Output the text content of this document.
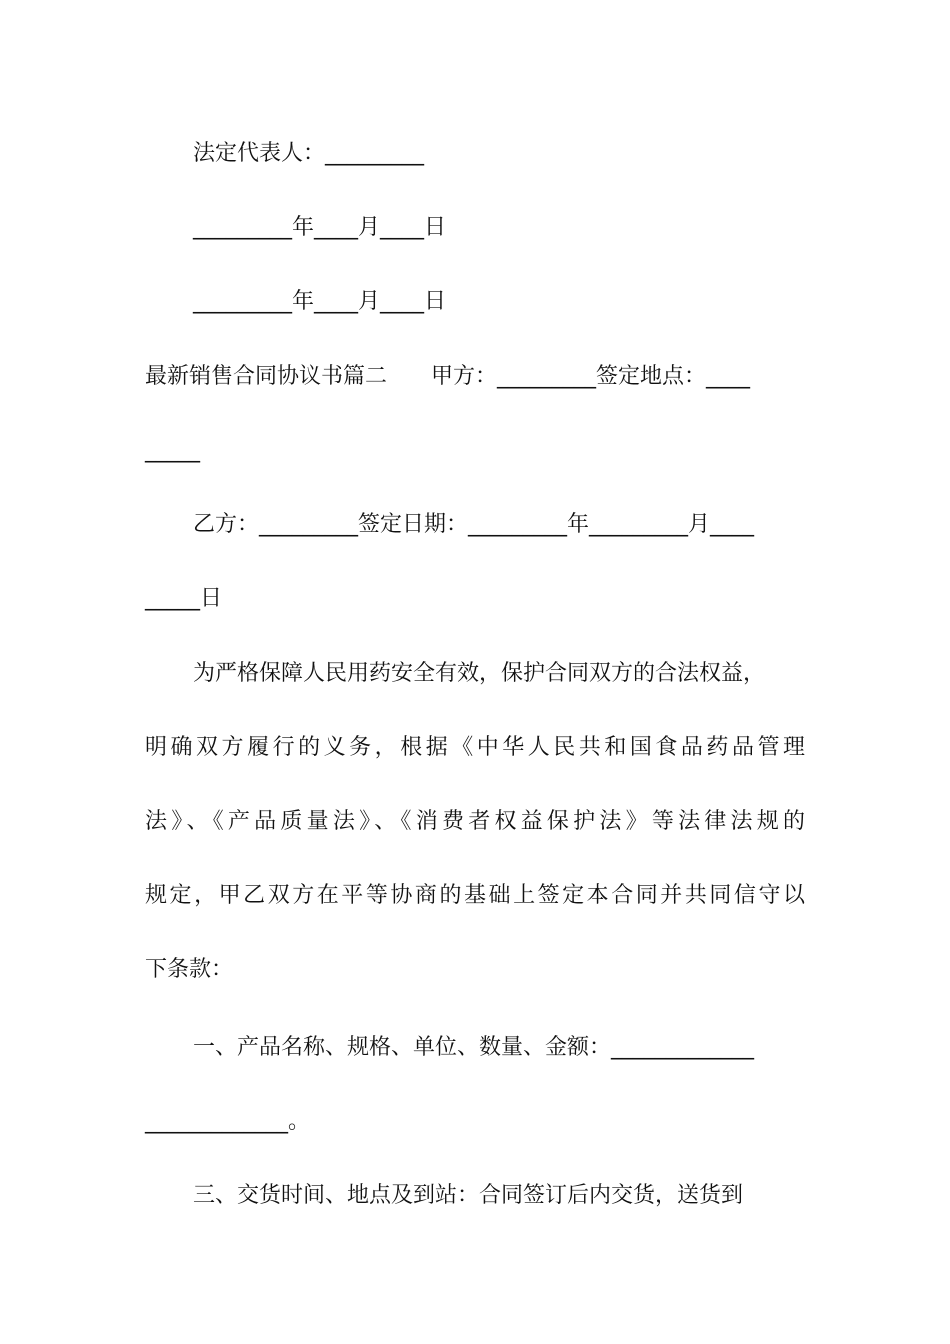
法定代表人：_________
_________年____月____日
_________年____月____日
最新销售合同协议书篇二　　甲方：_________签定地点：____
_____
乙方：_________签定日期：_________年_________月____
_____日
为严格保障人民用药安全有效，保护合同双方的合法权益，
明确双方履行的义务，根据《中华人民共和国食品药品管理
法》、《产品质量法》、《消费者权益保护法》等法律法规的
规定，甲乙双方在平等协商的基础上签定本合同并共同信守以
下条款：
一、产品名称、规格、单位、数量、金额：_____________
_____________。
三、交货时间、地点及到站：合同签订后内交货，送货到
